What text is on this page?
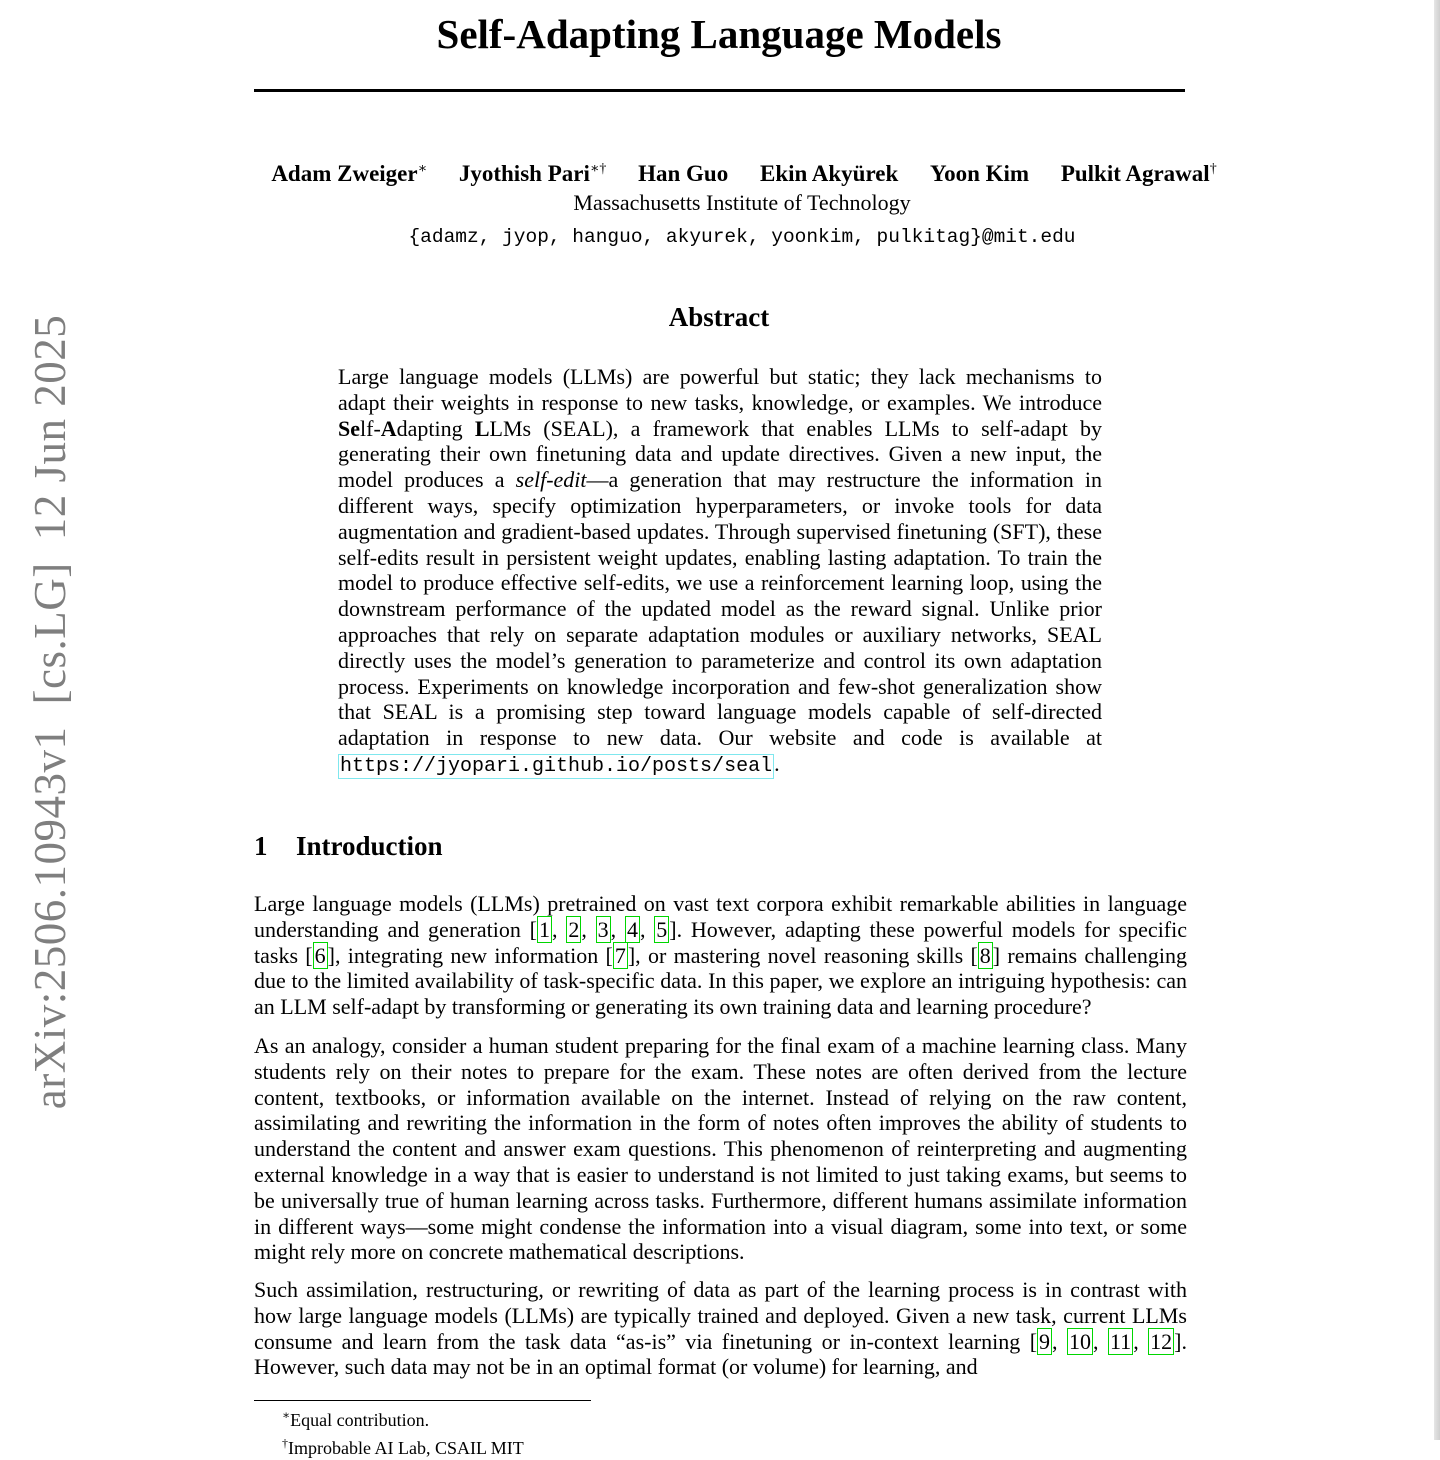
arXiv:2506.10943v1[cs.LG]12 Jun 2025
Self-Adapting Language Models
Adam Zweiger∗ Jyothish Pari∗† Han Guo Ekin Akyürek Yoon Kim Pulkit Agrawal†
Massachusetts Institute of Technology
{adamz, jyop, hanguo, akyurek, yoonkim, pulkitag}@mit.edu
Abstract

Large language models (LLMs) are powerful but static; they lack mechanisms to adapt their weights in response to new tasks, knowledge, or examples. We introduce Self-Adapting LLMs (SEAL), a framework that enables LLMs to self-adapt by generating their own finetuning data and update directives. Given a new input, the model produces a self-edit—a generation that may restructure the information in different ways, specify optimization hyperparameters, or invoke tools for data augmentation and gradient-based updates. Through supervised finetuning (SFT), these self-edits result in persistent weight updates, enabling lasting adaptation. To train the model to produce effective self-edits, we use a reinforcement learning loop, using the downstream performance of the updated model as the reward signal. Unlike prior approaches that rely on separate adaptation modules or auxiliary networks, SEAL directly uses the model’s generation to parameterize and control its own adaptation process. Experiments on knowledge incorporation and few-shot generalization show that SEAL is a promising step toward language models capable of self-directed adaptation in response to new data. Our website and code is available at https://jyopari.github.io/posts/seal.

1 Introduction

Large language models (LLMs) pretrained on vast text corpora exhibit remarkable abilities in language understanding and generation [1, 2, 3, 4, 5]. However, adapting these powerful models for specific tasks [6], integrating new information [7], or mastering novel reasoning skills [8] remains challenging due to the limited availability of task-specific data. In this paper, we explore an intriguing hypothesis: can an LLM self-adapt by transforming or generating its own training data and learning procedure?

As an analogy, consider a human student preparing for the final exam of a machine learning class. Many students rely on their notes to prepare for the exam. These notes are often derived from the lecture content, textbooks, or information available on the internet. Instead of relying on the raw content, assimilating and rewriting the information in the form of notes often improves the ability of students to understand the content and answer exam questions. This phenomenon of reinterpreting and augmenting external knowledge in a way that is easier to understand is not limited to just taking exams, but seems to be universally true of human learning across tasks. Furthermore, different humans assimilate information in different ways—some might condense the information into a visual diagram, some into text, or some might rely more on concrete mathematical descriptions.

Such assimilation, restructuring, or rewriting of data as part of the learning process is in contrast with how large language models (LLMs) are typically trained and deployed. Given a new task, current LLMs consume and learn from the task data “as-is” via finetuning or in-context learning [9, 10, 11, 12]. However, such data may not be in an optimal format (or volume) for learning, and

∗Equal contribution.
†Improbable AI Lab, CSAIL MIT
